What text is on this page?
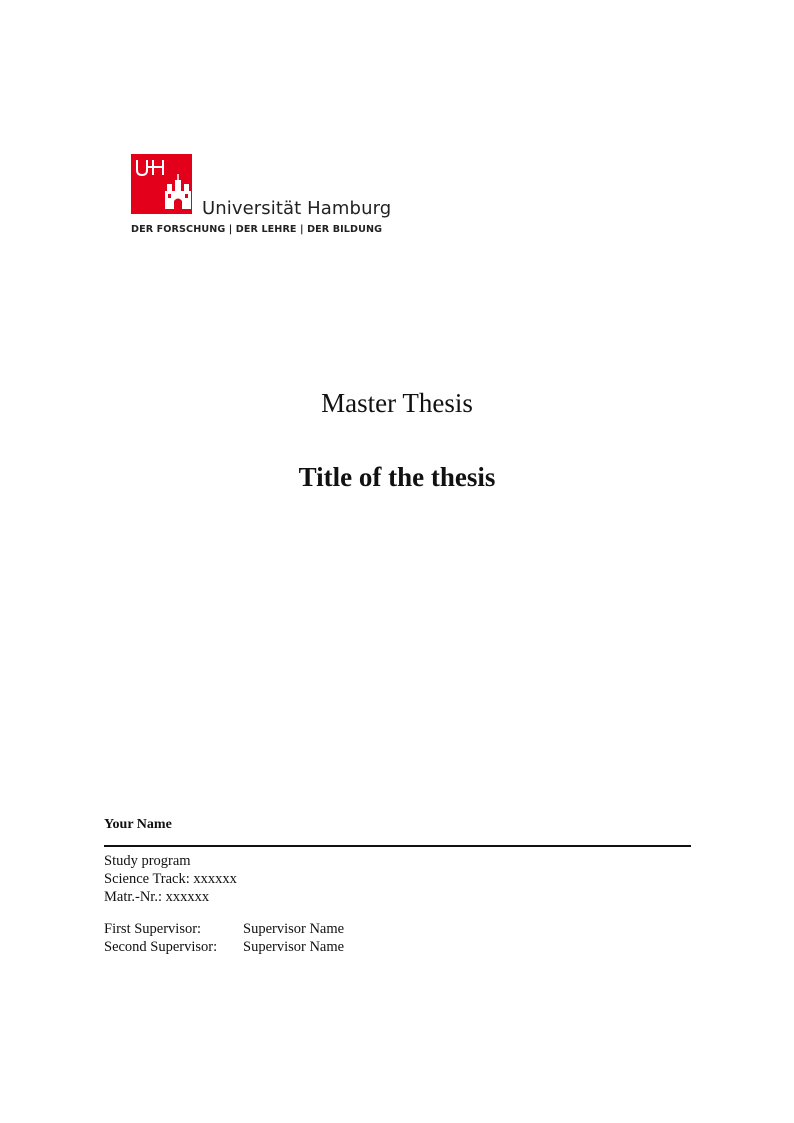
Universität Hamburg
DER FORSCHUNG | DER LEHRE | DER BILDUNG
Master Thesis
Title of the thesis
Your Name
Study program
Science Track: xxxxxx
Matr.-Nr.: xxxxxx
First Supervisor:	Supervisor Name
Second Supervisor:	Supervisor Name
